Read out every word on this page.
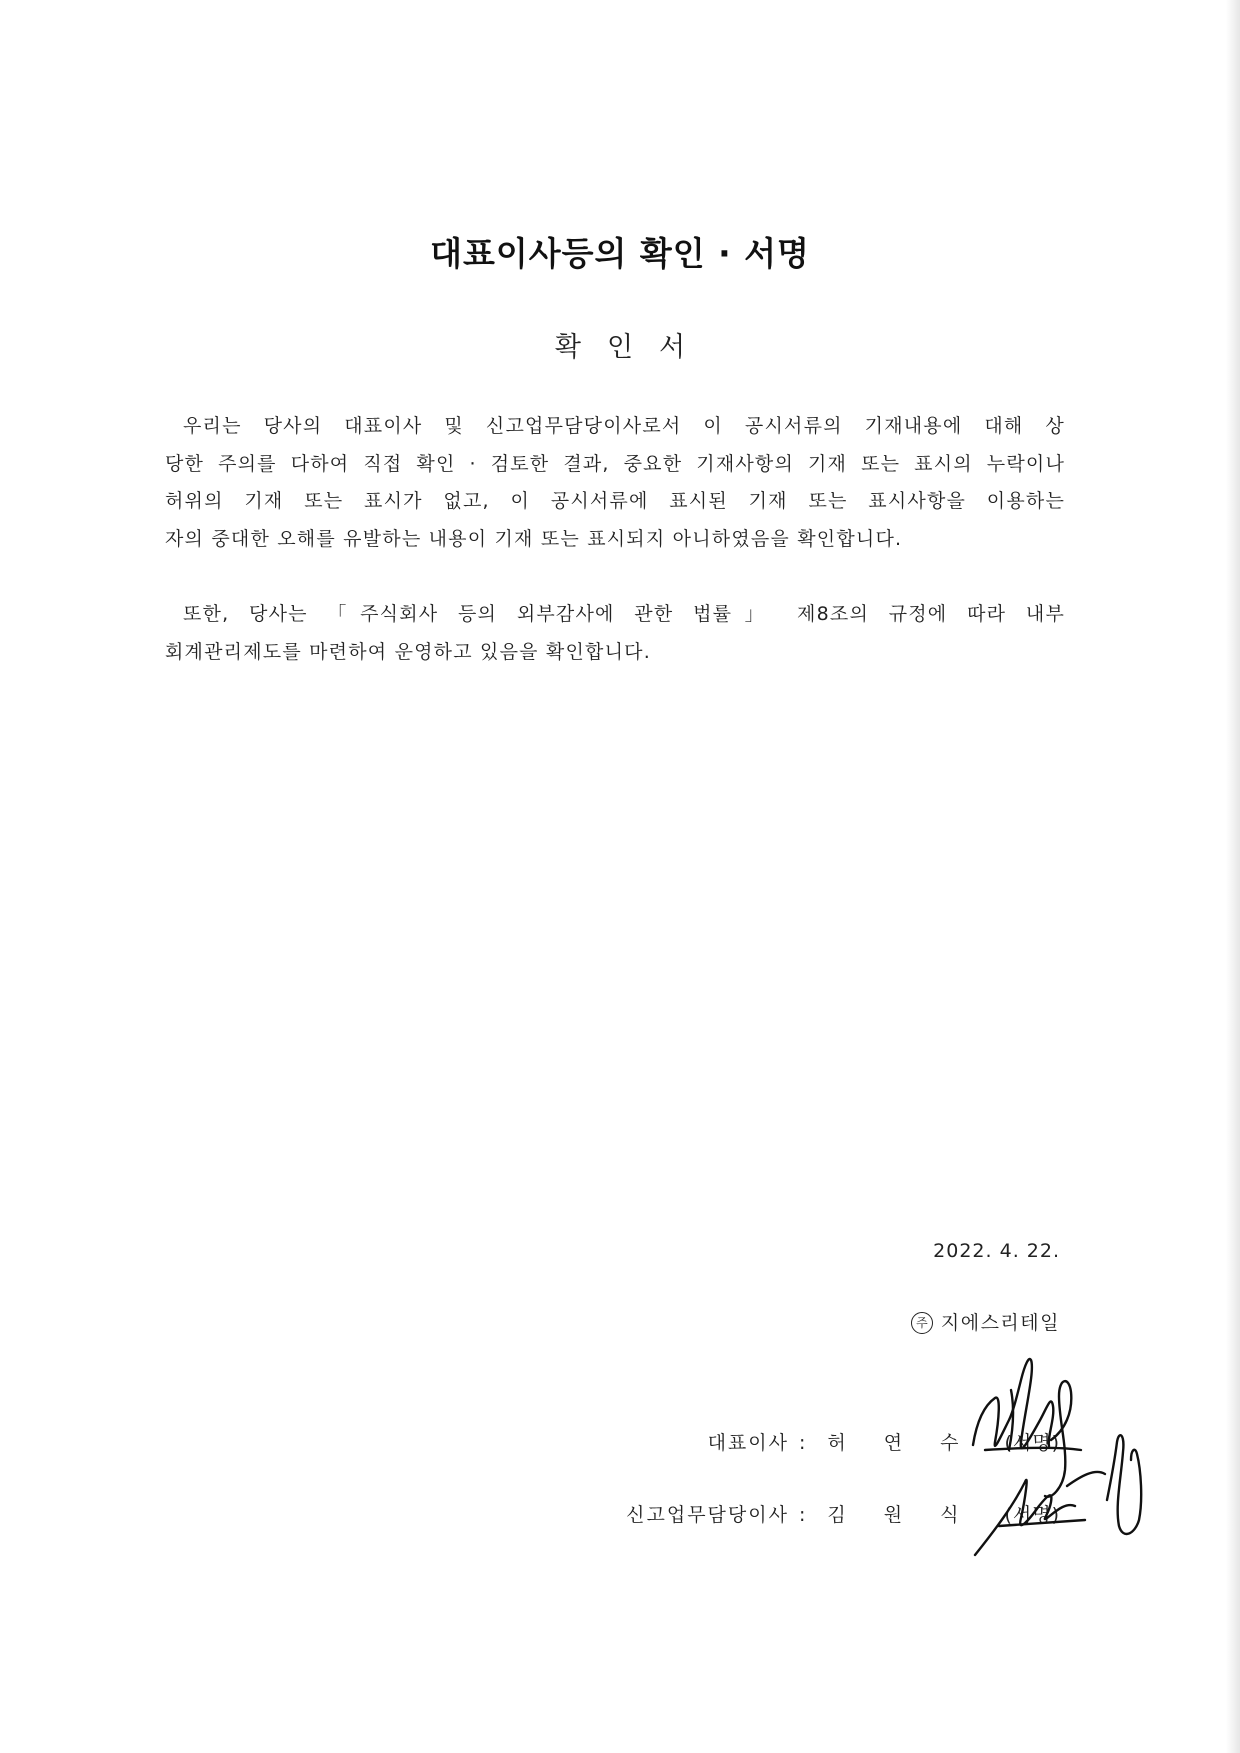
대표이사등의 확인 · 서명
확인서
우리는 당사의 대표이사 및 신고업무담당이사로서 이 공시서류의 기재내용에 대해 상
당한 주의를 다하여 직접 확인 · 검토한 결과, 중요한 기재사항의 기재 또는 표시의 누락이나
허위의 기재 또는 표시가 없고, 이 공시서류에 표시된 기재 또는 표시사항을 이용하는
자의 중대한 오해를 유발하는 내용이 기재 또는 표시되지 아니하였음을 확인합니다.
또한, 당사는 「주식회사 등의 외부감사에 관한 법률」 제8조의 규정에 따라 내부
회계관리제도를 마련하여 운영하고 있음을 확인합니다.
2022. 4. 22.
주 지에스리테일
대표이사 : 허연수 (서명)
신고업무담당이사 : 김원식 (서명)
